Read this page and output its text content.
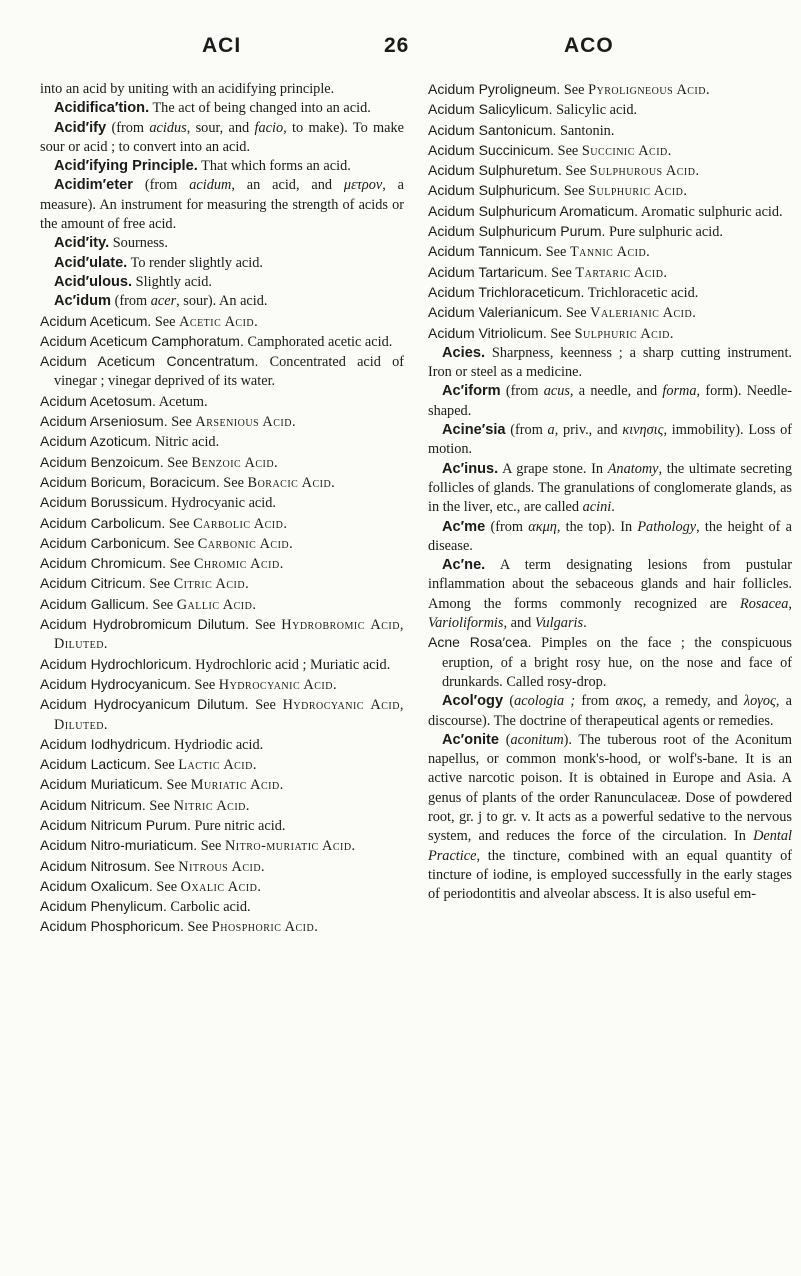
ACI	26	ACO

into an acid by uniting with an acidifying principle.

Acidifica′tion. The act of being changed into an acid.

Acid′ify (from acidus, sour, and facio, to make). To make sour or acid ; to convert into an acid.

Acid′ifying Principle. That which forms an acid.

Acidim′eter (from acidum, an acid, and μετρον, a measure). An instrument for measuring the strength of acids or the amount of free acid.

Acid′ity. Sourness.

Acid′ulate. To render slightly acid.

Acid′ulous. Slightly acid.

Ac′idum (from acer, sour). An acid.

Acidum Aceticum. See Acetic Acid.

Acidum Aceticum Camphoratum. Camphorated acetic acid.

Acidum Aceticum Concentratum. Concentrated acid of vinegar ; vinegar deprived of its water.

Acidum Acetosum. Acetum.

Acidum Arseniosum. See Arsenious Acid.

Acidum Azoticum. Nitric acid.

Acidum Benzoicum. See Benzoic Acid.

Acidum Boricum, Boracicum. See Boracic Acid.

Acidum Borussicum. Hydrocyanic acid.

Acidum Carbolicum. See Carbolic Acid.

Acidum Carbonicum. See Carbonic Acid.

Acidum Chromicum. See Chromic Acid.

Acidum Citricum. See Citric Acid.

Acidum Gallicum. See Gallic Acid.

Acidum Hydrobromicum Dilutum. See Hydrobromic Acid, Diluted.

Acidum Hydrochloricum. Hydrochloric acid ; Muriatic acid.

Acidum Hydrocyanicum. See Hydrocyanic Acid.

Acidum Hydrocyanicum Dilutum. See Hydrocyanic Acid, Diluted.

Acidum Iodhydricum. Hydriodic acid.

Acidum Lacticum. See Lactic Acid.

Acidum Muriaticum. See Muriatic Acid.

Acidum Nitricum. See Nitric Acid.

Acidum Nitricum Purum. Pure nitric acid.

Acidum Nitro-muriaticum. See Nitro-muriatic Acid.

Acidum Nitrosum. See Nitrous Acid.

Acidum Oxalicum. See Oxalic Acid.

Acidum Phenylicum. Carbolic acid.

Acidum Phosphoricum. See Phosphoric Acid.

Acidum Pyroligneum. See Pyroligneous Acid.

Acidum Salicylicum. Salicylic acid.

Acidum Santonicum. Santonin.

Acidum Succinicum. See Succinic Acid.

Acidum Sulphuretum. See Sulphurous Acid.

Acidum Sulphuricum. See Sulphuric Acid.

Acidum Sulphuricum Aromaticum. Aromatic sulphuric acid.

Acidum Sulphuricum Purum. Pure sulphuric acid.

Acidum Tannicum. See Tannic Acid.

Acidum Tartaricum. See Tartaric Acid.

Acidum Trichloraceticum. Trichloracetic acid.

Acidum Valerianicum. See Valerianic Acid.

Acidum Vitriolicum. See Sulphuric Acid.

Acies. Sharpness, keenness ; a sharp cutting instrument. Iron or steel as a medicine.

Ac′iform (from acus, a needle, and forma, form). Needle-shaped.

Acine′sia (from a, priv., and κινησις, immobility). Loss of motion.

Ac′inus. A grape stone. In Anatomy, the ultimate secreting follicles of glands. The granulations of conglomerate glands, as in the liver, etc., are called acini.

Ac′me (from ακμη, the top). In Pathology, the height of a disease.

Ac′ne. A term designating lesions from pustular inflammation about the sebaceous glands and hair follicles. Among the forms commonly recognized are Rosacea, Varioliformis, and Vulgaris.

Acne Rosa′cea. Pimples on the face ; the conspicuous eruption, of a bright rosy hue, on the nose and face of drunkards. Called rosy-drop.

Acol′ogy (acologia ; from ακος, a remedy, and λογος, a discourse). The doctrine of therapeutical agents or remedies.

Ac′onite (aconitum). The tuberous root of the Aconitum napellus, or common monk's-hood, or wolf's-bane. It is an active narcotic poison. It is obtained in Europe and Asia. A genus of plants of the order Ranunculaceæ. Dose of powdered root, gr. j to gr. v. It acts as a powerful sedative to the nervous system, and reduces the force of the circulation. In Dental Practice, the tincture, combined with an equal quantity of tincture of iodine, is employed successfully in the early stages of periodontitis and alveolar abscess. It is also useful em-
